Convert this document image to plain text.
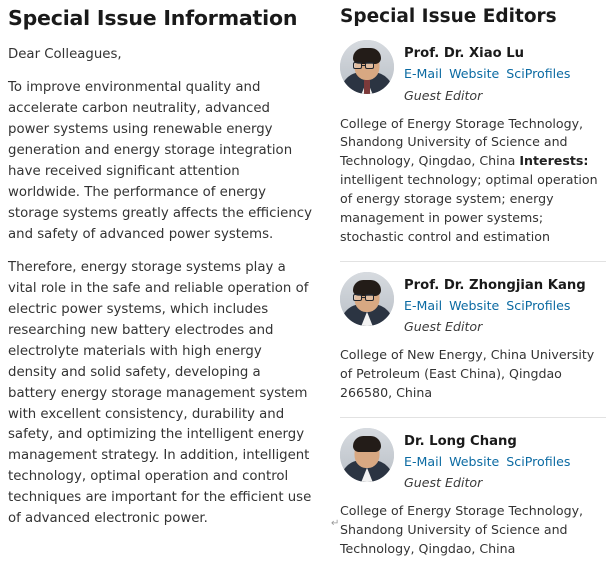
Special Issue Information

Dear Colleagues,

To improve environmental quality and accelerate carbon neutrality, advanced power systems using renewable energy generation and energy storage integration have received significant attention worldwide. The performance of energy storage systems greatly affects the efficiency and safety of advanced power systems.

Therefore, energy storage systems play a vital role in the safe and reliable operation of electric power systems, which includes researching new battery electrodes and electrolyte materials with high energy density and solid safety, developing a battery energy storage management system with excellent consistency, durability and safety, and optimizing the intelligent energy management strategy. In addition, intelligent technology, optimal operation and control techniques are important for the efficient use of advanced electronic power.

Special Issue Editors
Prof. Dr. Xiao Lu
E-Mail Website SciProfiles
Guest Editor
College of Energy Storage Technology, Shandong University of Science and Technology, Qingdao, China Interests: intelligent technology; optimal operation of energy storage system; energy management in power systems; stochastic control and estimation
Prof. Dr. Zhongjian Kang
E-Mail Website SciProfiles
Guest Editor
College of New Energy, China University of Petroleum (East China), Qingdao 266580, China
Dr. Long Chang
E-Mail Website SciProfiles
Guest Editor
College of Energy Storage Technology, Shandong University of Science and Technology, Qingdao, China
↵
